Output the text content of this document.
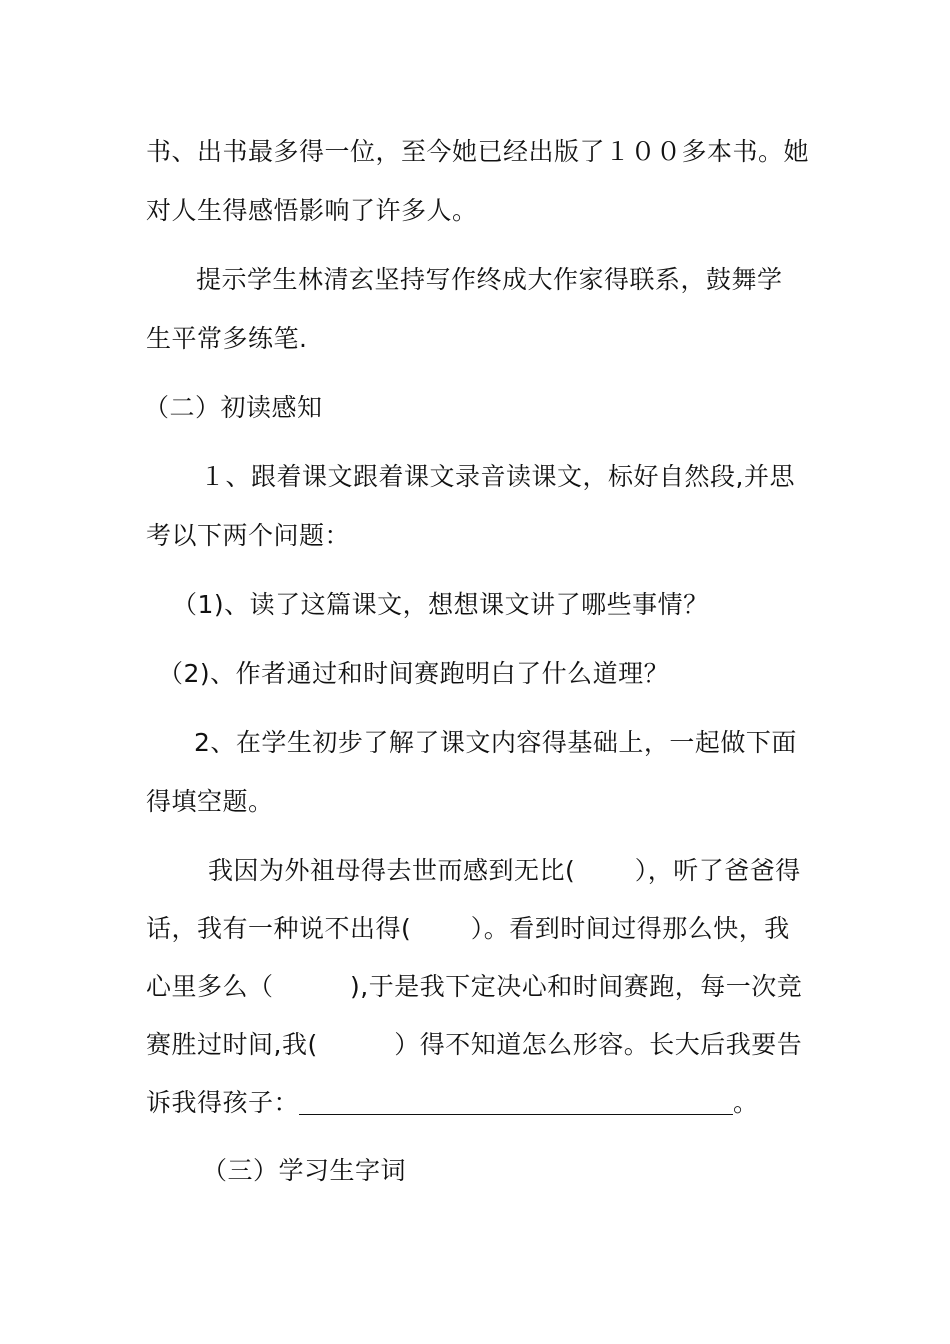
书、出书最多得一位，至今她已经出版了１００多本书。她
对人生得感悟影响了许多人。
提示学生林清玄坚持写作终成大作家得联系，鼓舞学
生平常多练笔.
（二）初读感知
１、跟着课文跟着课文录音读课文，标好自然段,并思
考以下两个问题：
（1)、读了这篇课文，想想课文讲了哪些事情？
（2)、作者通过和时间赛跑明白了什么道理？
2、在学生初步了解了课文内容得基础上，一起做下面
得填空题。
我因为外祖母得去世而感到无比(　　 ），听了爸爸得
话，我有一种说不出得(　　 ）。看到时间过得那么快，我
心里多么（　　　),于是我下定决心和时间赛跑，每一次竞
赛胜过时间,我(　　　）得不知道怎么形容。长大后我要告
诉我得孩子：	。
（三）学习生字词
